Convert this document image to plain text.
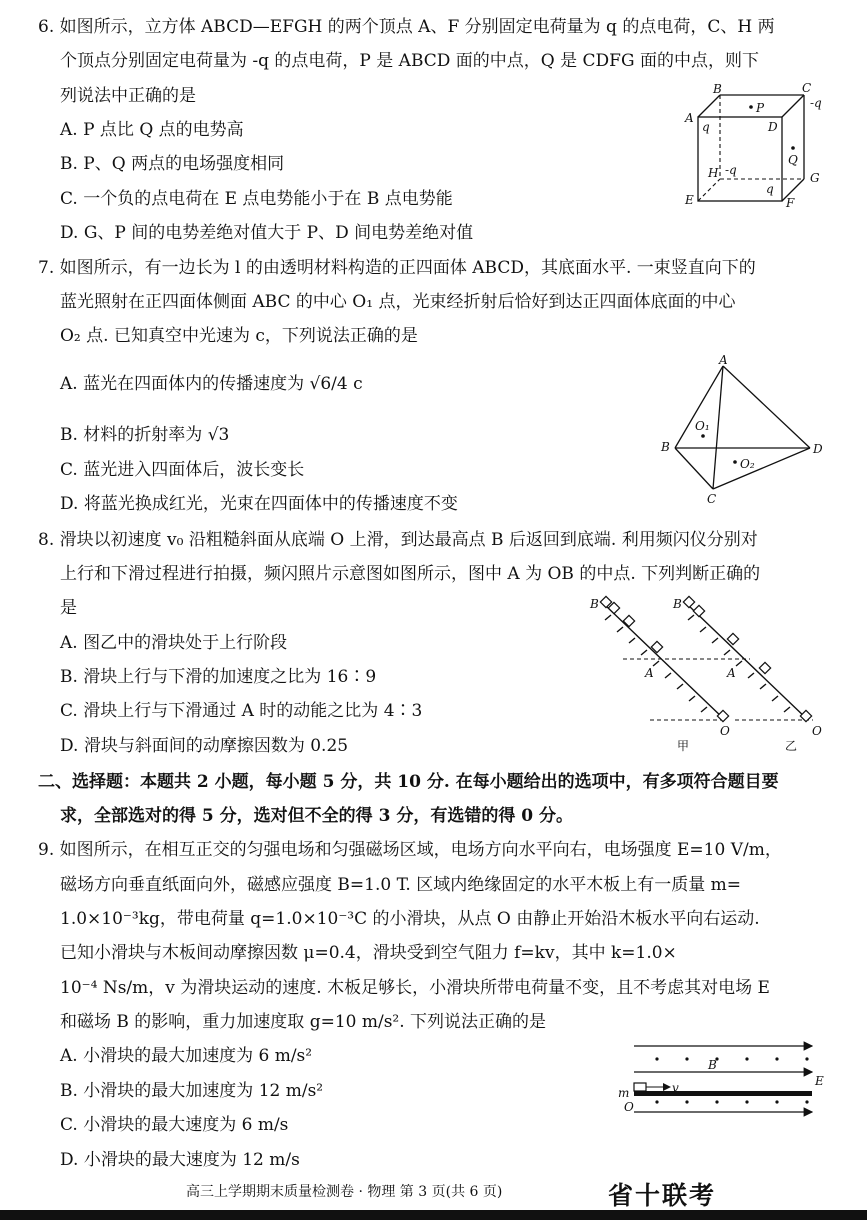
6. 如图所示，立方体 ABCD—EFGH 的两个顶点 A、F 分别固定电荷量为 q 的点电荷，C、H 两
个顶点分别固定电荷量为 -q 的点电荷，P 是 ABCD 面的中点，Q 是 CDFG 面的中点，则下
列说法中正确的是
A. P 点比 Q 点的电势高
B. P、Q 两点的电场强度相同
C. 一个负的点电荷在 E 点电势能小于在 B 点电势能
D. G、P 间的电势差绝对值大于 P、D 间电势差绝对值
B	C
-q
A
q
P
D
Q
H -q
G
q
E	F
7. 如图所示，有一边长为 l 的由透明材料构造的正四面体 ABCD，其底面水平. 一束竖直向下的
蓝光照射在正四面体侧面 ABC 的中心 O₁ 点，光束经折射后恰好到达正四面体底面的中心
O₂ 点. 已知真空中光速为 c，下列说法正确的是
A. 蓝光在四面体内的传播速度为 √6/4 c
B. 材料的折射率为 √3
C. 蓝光进入四面体后，波长变长
D. 将蓝光换成红光，光束在四面体中的传播速度不变
A
B
C
D
O₁
O₂
8. 滑块以初速度 v₀ 沿粗糙斜面从底端 O 上滑，到达最高点 B 后返回到底端. 利用频闪仪分别对
上行和下滑过程进行拍摄，频闪照片示意图如图所示，图中 A 为 OB 的中点. 下列判断正确的
是
A. 图乙中的滑块处于上行阶段
B. 滑块上行与下滑的加速度之比为 16∶9
C. 滑块上行与下滑通过 A 时的动能之比为 4∶3
D. 滑块与斜面间的动摩擦因数为 0.25
B	B
A	A
O	O
甲	乙
二、选择题：本题共 2 小题，每小题 5 分，共 10 分. 在每小题给出的选项中，有多项符合题目要
求，全部选对的得 5 分，选对但不全的得 3 分，有选错的得 0 分。
9. 如图所示，在相互正交的匀强电场和匀强磁场区域，电场方向水平向右，电场强度 E=10 V/m，
磁场方向垂直纸面向外，磁感应强度 B=1.0 T. 区域内绝缘固定的水平木板上有一质量 m=
1.0×10⁻³kg，带电荷量 q=1.0×10⁻³C 的小滑块，从点 O 由静止开始沿木板水平向右运动.
已知小滑块与木板间动摩擦因数 μ=0.4，滑块受到空气阻力 f=kv，其中 k=1.0×
10⁻⁴ Ns/m，v 为滑块运动的速度. 木板足够长，小滑块所带电荷量不变，且不考虑其对电场 E
和磁场 B 的影响，重力加速度取 g=10 m/s². 下列说法正确的是
A. 小滑块的最大加速度为 6 m/s²
B. 小滑块的最大加速度为 12 m/s²
C. 小滑块的最大速度为 6 m/s
D. 小滑块的最大速度为 12 m/s
B
E
m	v
O
高三上学期期末质量检测卷 · 物理 第 3 页(共 6 页)	省十联考
